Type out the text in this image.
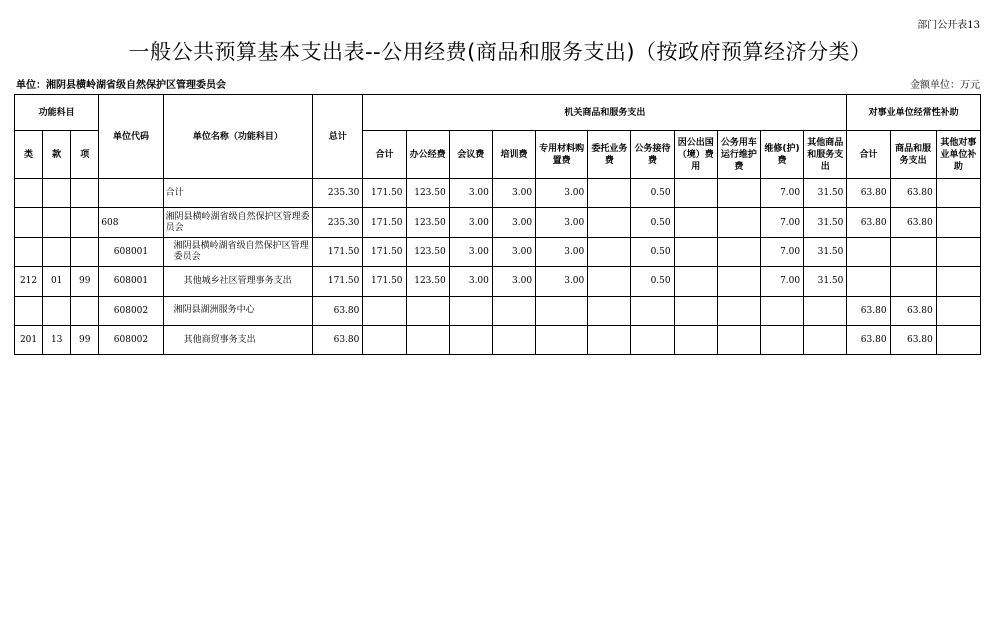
部门公开表13
一般公共预算基本支出表--公用经费(商品和服务支出)（按政府预算经济分类）
单位：湘阴县横岭湖省级自然保护区管理委员会	金额单位：万元
功能科目			单位代码	单位名称（功能科目）	总计	机关商品和服务支出											对事业单位经常性补助		
类	款	项				合计	办公经费	会议费	培训费	专用材料购置费	委托业务费	公务接待费	因公出国（境）费用	公务用车运行维护费	维修(护)费	其他商品和服务支出	合计	商品和服务支出	其他对事业单位补助
				合计	235.30	171.50	123.50	3.00	3.00	3.00		0.50			7.00	31.50	63.80	63.80	
			608	湘阴县横岭湖省级自然保护区管理委员会	235.30	171.50	123.50	3.00	3.00	3.00		0.50			7.00	31.50	63.80	63.80	
			608001	湘阴县横岭湖省级自然保护区管理委员会	171.50	171.50	123.50	3.00	3.00	3.00		0.50			7.00	31.50			
212	01	99	608001	其他城乡社区管理事务支出	171.50	171.50	123.50	3.00	3.00	3.00		0.50			7.00	31.50			
			608002	湘阴县湖洲服务中心	63.80												63.80	63.80	
201	13	99	608002	其他商贸事务支出	63.80												63.80	63.80	
